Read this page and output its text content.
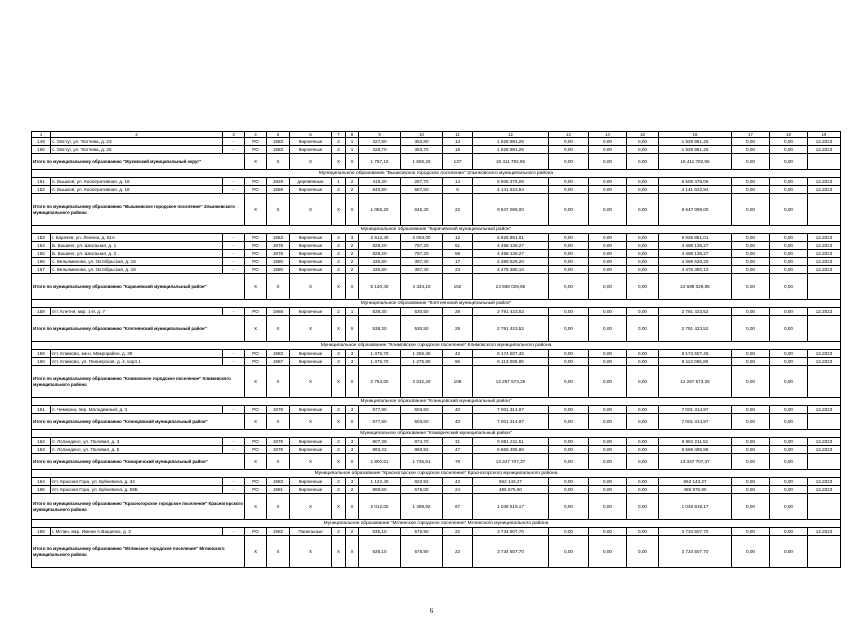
1	2	3	4	5	6	7	8	9	10	11	12	13	14	15	16	17	18	19
149	с. Овстуг, ул. Тютчева, д. 23	-	РО	1983	Кирпичные	2	1	427,80	352,80	13	1 928 981,25	0,00	0,00	0,00	1 928 981,25	0,00	0,00	12.2023
150	с. Овстуг, ул. Тютчева, д. 25	-	РО	1983	Кирпичные	2	1	428,70	353,70	18	1 928 981,25	0,00	0,00	0,00	1 928 981,25	0,00	0,00	12.2023
Итого по муниципальному образованию "Жуковский муниципальный округ"			X	X	X	X	X	1 767,10	1 606,20	137	16 411 782,95	0,00	0,00	0,00	16 411 782,95	0,00	0,00	
Муниципальное образование "Вышковское городское поселение" Злынковского муниципального района																		
151	п. Вышков, ул. Кооперативная, д. 16	-	РО	1928	деревянные	1	2	415,40	257,70	14	5 505 476,06	0,00	0,00	0,00	5 505 476,06	0,00	0,00	12.2023
152	п. Вышков, ул. Кооперативная, д. 18	-	РО	1959	Кирпичные	2	2	640,80	587,60	8	4 141 622,94	0,00	0,00	0,00	4 141 622,94	0,00	0,00	12.2023
Итого по муниципальному образованию "Вышковское городское поселение" Злынковского муниципального района			X	X	X	X	X	1 056,20	845,30	22	9 647 099,00	0,00	0,00	0,00	9 647 099,00	0,00	0,00	
Муниципальное образование "Карачевский муниципальный район"																		
153	г. Карачев, ул. Ленина, д. 51А	-	РО	1963	Кирпичные	4	3	2 612,40	2 004,00	12	6 826 851,01	0,00	0,00	0,00	6 826 851,01	0,00	0,00	12.2023
154	Б. Бошино, ул. Школьная, д. 1	-	РО	1978	Кирпичные	2	2	828,20	767,20	51	4 498 136,27	0,00	0,00	0,00	4 498 136,27	0,00	0,00	12.2023
155	Б. Бошино, ул. Школьная, д. 2	-	РО	1978	Кирпичные	2	2	828,20	767,20	59	4 498 136,27	0,00	0,00	0,00	4 498 136,27	0,00	0,00	12.2023
156	с. Вельяминова, ул. Октябрьская, д. 15	-	РО	1980	Кирпичные	2	2	435,80	397,40	17	4 399 526,20	0,00	0,00	0,00	4 399 526,20	0,00	0,00	12.2023
157	с. Вельяминова, ул. Октябрьская, д. 18	-	РО	1980	Кирпичные	2	2	435,80	397,40	23	4 475 380,10	0,00	0,00	0,00	4 475 380,10	0,00	0,00	12.2023
Итого по муниципальному образованию "Карачевский муниципальный район"			X	X	X	X	X	5 140,40	4 334,10	162	24 698 029,85	0,00	0,00	0,00	24 698 029,85	0,00	0,00	
Муниципальное образование "Клетнянский муниципальный район"																		
158	пгт. Клетня, мкр. 1-й, д. 7	-	РО	1968	Кирпичные	2	1	538,30	530,50	28	2 791 423,52	0,00	0,00	0,00	2 791 423,52	0,00	0,00	12.2023
Итого по муниципальному образованию "Клетнянский муниципальный район"			X	X	X	X	X	538,30	530,50	28	2 791 423,52	0,00	0,00	0,00	2 791 423,52	0,00	0,00	
Муниципальное образование "Климовское городское поселение" Климовского муниципального района																		
159	пгт. Климово, мк-н. Микрорайон, д. 39	-	РО	1983	Кирпичные	3	3	1 376,70	1 256,40	42	6 174 507,45	0,00	0,00	0,00	6 174 507,45	0,00	0,00	12.2023
160	пгт. Климово, ул. Пионерская, д. 4, корп.1	-	РО	1987	Кирпичные	3	3	1 376,70	1 275,80	66	6 113 065,80	0,00	0,00	0,00	6 113 065,80	0,00	0,00	12.2023
Итого по муниципальному образованию "Климовское городское поселение" Климовского муниципального района			X	X	X	X	X	2 753,60	2 532,20	108	12 287 573,25	0,00	0,00	0,00	12 287 573,25	0,00	0,00	
Муниципальное образование "Клинцовский муниципальный район"																		
161	п. Чемерна, пер. Молодежный, д. 3	-	РО	1978	Кирпичные	2	3	577,80	503,60	40	7 001 314,97	0,00	0,00	0,00	7 001 314,97	0,00	0,00	12.2023
Итого по муниципальному образованию "Клинцовский муниципальный район"			X	X	X	X	X	577,80	503,60	40	7 001 314,97	0,00	0,00	0,00	7 001 314,97	0,00	0,00	
Муниципальное образование "Комаричский муниципальный район"																		
162	п. Лопандино, ул. Полевая, д. 3	-	РО	1979	Кирпичные	2	3	907,39	874,70	31	6 681 211,51	0,00	0,00	0,00	6 681 211,51	0,00	0,00	12.2023
163	п. Лопандино, ул. Полевая, д. 5	-	РО	1979	Кирпичные	2	3	893,22	860,92	47	6 666 495,86	0,00	0,00	0,00	6 666 495,86	0,00	0,00	12.2023
Итого по муниципальному образованию "Комаричский муниципальный район"			X	X	X	X	X	1 800,61	1 735,61	78	13 347 707,37	0,00	0,00	0,00	13 347 707,37	0,00	0,00	
Муниципальное образование "Красногорское городское поселение" Красногорского муниципального района																		
164	пгт. Красная Гора, ул. Буйневича, д. 34	-	РО	1983	Кирпичные	2	3	1 122,40	822,92	43	562 143,27	0,00	0,00	0,00	562 143,27	0,00	0,00	12.2023
165	пгт. Красная Гора, ул. Буйневича, д. 58Б	-	РО	1991	Кирпичные	2	2	889,60	676,00	24	486 675,90	0,00	0,00	0,00	486 675,90	0,00	0,00	12.2023
Итого по муниципальному образованию "Красногорское городское поселение" Красногорского муниципального района			X	X	X	X	X	2 012,00	1 498,92	67	1 048 819,17	0,00	0,00	0,00	1 048 819,17	0,00	0,00	
Муниципальное образование "Мглинское городское поселение" Мглинского муниципального района																		
166	г. Мглин, мкр. Имени А.Ващенко, д. 3	-	РО	1982	Панельные	2	2	635,10	576,90	22	3 734 507,70	0,00	0,00	0,00	3 734 507,70	0,00	0,00	12.2023
Итого по муниципальному образованию "Мглинское городское поселение" Мглинского муниципального района			X	X	X	X	X	635,10	576,90	22	3 734 507,70	0,00	0,00	0,00	3 734 507,70	0,00	0,00	
6
